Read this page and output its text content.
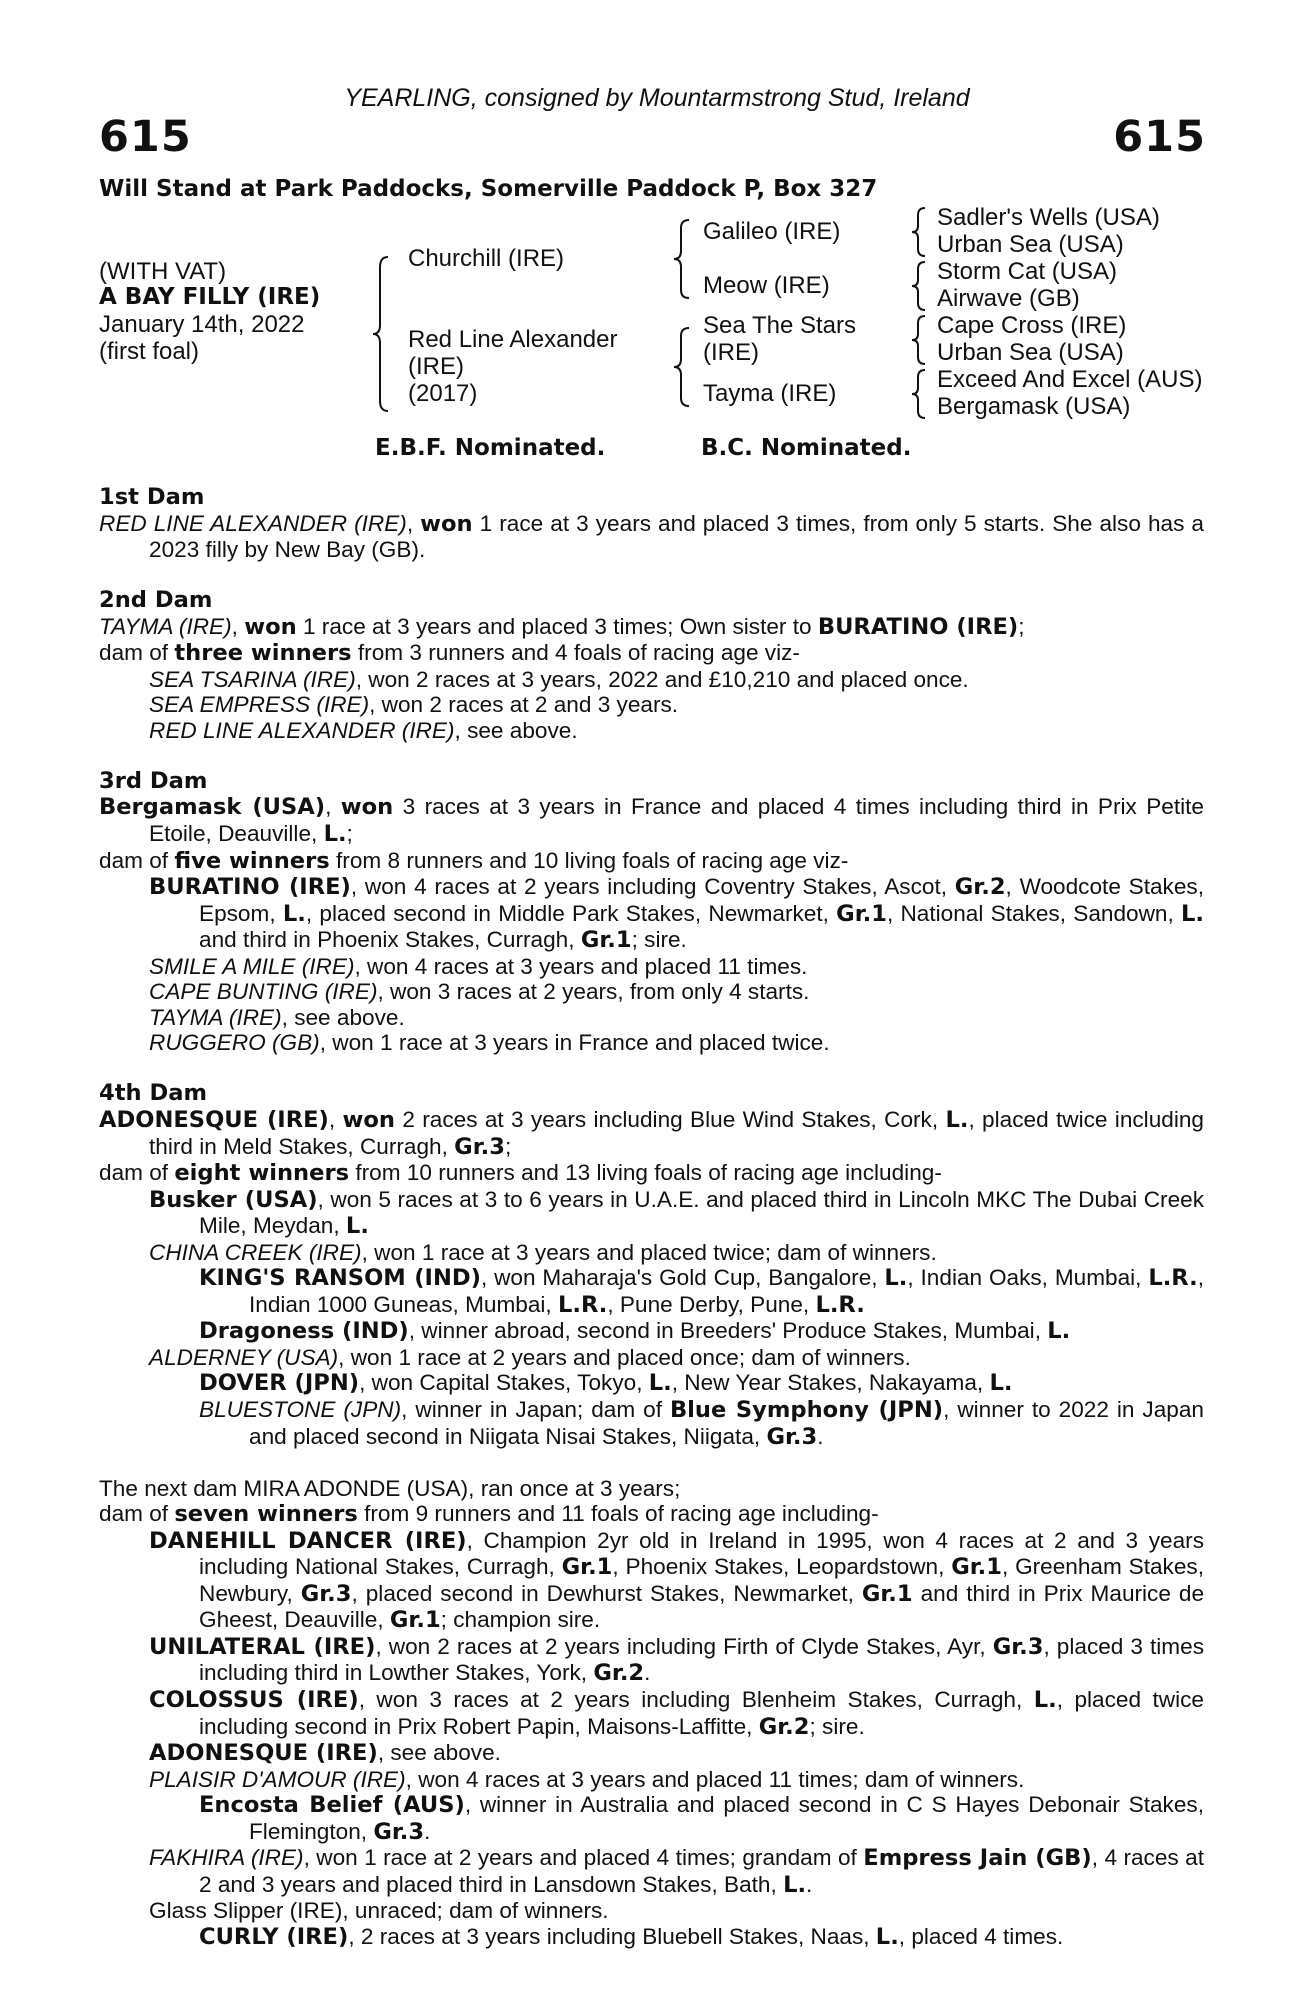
YEARLING, consigned by Mountarmstrong Stud, Ireland
615	615
Will Stand at Park Paddocks, Somerville Paddock P, Box 327
(WITH VAT)
A BAY FILLY (IRE)
January 14th, 2022
(first foal)
Churchill (IRE)
Red Line Alexander
(IRE)
(2017)
Galileo (IRE)
Meow (IRE)
Sea The Stars
(IRE)
Tayma (IRE)
Sadler's Wells (USA)
Urban Sea (USA)
Storm Cat (USA)
Airwave (GB)
Cape Cross (IRE)
Urban Sea (USA)
Exceed And Excel (AUS)
Bergamask (USA)
E.B.F. Nominated.	B.C. Nominated.
1st Dam
RED LINE ALEXANDER (IRE), won 1 race at 3 years and placed 3 times, from only 5 starts. She also has a 2023 filly by New Bay (GB).
2nd Dam
TAYMA (IRE), won 1 race at 3 years and placed 3 times; Own sister to BURATINO (IRE);
dam of three winners from 3 runners and 4 foals of racing age viz-
SEA TSARINA (IRE), won 2 races at 3 years, 2022 and £10,210 and placed once.
SEA EMPRESS (IRE), won 2 races at 2 and 3 years.
RED LINE ALEXANDER (IRE), see above.
3rd Dam
Bergamask (USA), won 3 races at 3 years in France and placed 4 times including third in Prix Petite Etoile, Deauville, L.;
dam of five winners from 8 runners and 10 living foals of racing age viz-
BURATINO (IRE), won 4 races at 2 years including Coventry Stakes, Ascot, Gr.2, Woodcote Stakes, Epsom, L., placed second in Middle Park Stakes, Newmarket, Gr.1, National Stakes, Sandown, L. and third in Phoenix Stakes, Curragh, Gr.1; sire.
SMILE A MILE (IRE), won 4 races at 3 years and placed 11 times.
CAPE BUNTING (IRE), won 3 races at 2 years, from only 4 starts.
TAYMA (IRE), see above.
RUGGERO (GB), won 1 race at 3 years in France and placed twice.
4th Dam
ADONESQUE (IRE), won 2 races at 3 years including Blue Wind Stakes, Cork, L., placed twice including third in Meld Stakes, Curragh, Gr.3;
dam of eight winners from 10 runners and 13 living foals of racing age including-
Busker (USA), won 5 races at 3 to 6 years in U.A.E. and placed third in Lincoln MKC The Dubai Creek Mile, Meydan, L.
CHINA CREEK (IRE), won 1 race at 3 years and placed twice; dam of winners.
KING'S RANSOM (IND), won Maharaja's Gold Cup, Bangalore, L., Indian Oaks, Mumbai, L.R., Indian 1000 Guneas, Mumbai, L.R., Pune Derby, Pune, L.R.
Dragoness (IND), winner abroad, second in Breeders' Produce Stakes, Mumbai, L.
ALDERNEY (USA), won 1 race at 2 years and placed once; dam of winners.
DOVER (JPN), won Capital Stakes, Tokyo, L., New Year Stakes, Nakayama, L.
BLUESTONE (JPN), winner in Japan; dam of Blue Symphony (JPN), winner to 2022 in Japan and placed second in Niigata Nisai Stakes, Niigata, Gr.3.
The next dam MIRA ADONDE (USA), ran once at 3 years;
dam of seven winners from 9 runners and 11 foals of racing age including-
DANEHILL DANCER (IRE), Champion 2yr old in Ireland in 1995, won 4 races at 2 and 3 years including National Stakes, Curragh, Gr.1, Phoenix Stakes, Leopardstown, Gr.1, Greenham Stakes, Newbury, Gr.3, placed second in Dewhurst Stakes, Newmarket, Gr.1 and third in Prix Maurice de Gheest, Deauville, Gr.1; champion sire.
UNILATERAL (IRE), won 2 races at 2 years including Firth of Clyde Stakes, Ayr, Gr.3, placed 3 times including third in Lowther Stakes, York, Gr.2.
COLOSSUS (IRE), won 3 races at 2 years including Blenheim Stakes, Curragh, L., placed twice including second in Prix Robert Papin, Maisons-Laffitte, Gr.2; sire.
ADONESQUE (IRE), see above.
PLAISIR D'AMOUR (IRE), won 4 races at 3 years and placed 11 times; dam of winners.
Encosta Belief (AUS), winner in Australia and placed second in C S Hayes Debonair Stakes, Flemington, Gr.3.
FAKHIRA (IRE), won 1 race at 2 years and placed 4 times; grandam of Empress Jain (GB), 4 races at 2 and 3 years and placed third in Lansdown Stakes, Bath, L..
Glass Slipper (IRE), unraced; dam of winners.
CURLY (IRE), 2 races at 3 years including Bluebell Stakes, Naas, L., placed 4 times.
